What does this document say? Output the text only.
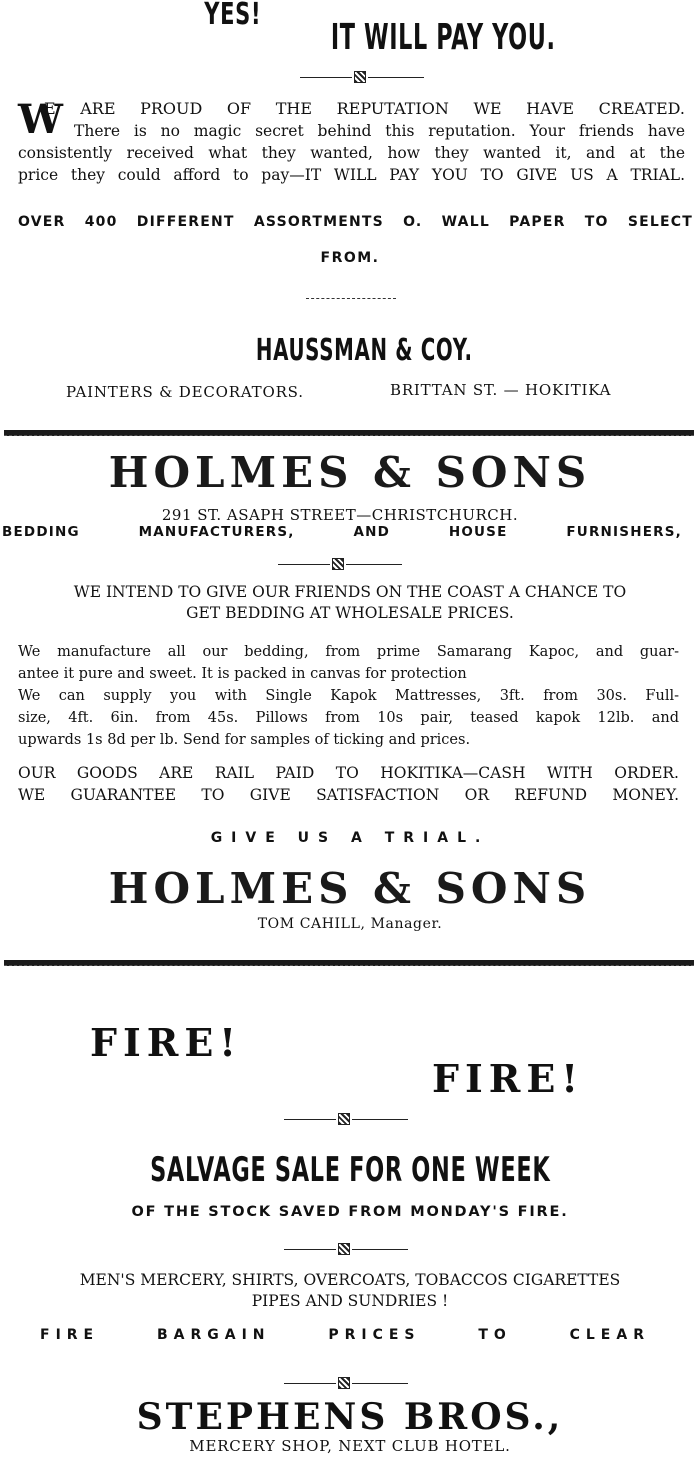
YES!
IT WILL PAY YOU.
W
E ARE PROUD OF THE REPUTATION WE HAVE CREATED.
There is no magic secret behind this reputation. Your friends have
consistently received what they wanted, how they wanted it, and at the
price they could afford to pay—IT WILL PAY YOU TO GIVE US A TRIAL.
OVER 400 DIFFERENT ASSORTMENTS O. WALL PAPER TO SELECT
FROM.
HAUSSMAN & COY.
PAINTERS & DECORATORS.	BRITTAN ST. — HOKITIKA
HOLMES & SONS
291 ST. ASAPH STREET—CHRISTCHURCH.
BEDDING	MANUFACTURERS,	AND	HOUSE	FURNISHERS,
WE INTEND TO GIVE OUR FRIENDS ON THE COAST A CHANCE TO
GET BEDDING AT WHOLESALE PRICES.
We manufacture all our bedding, from prime Samarang Kapoc, and guar-
antee it pure and sweet. It is packed in canvas for protection
We can supply you with Single Kapok Mattresses, 3ft. from 30s. Full-
size, 4ft. 6in. from 45s. Pillows from 10s pair, teased kapok 12lb. and
upwards 1s 8d per lb. Send for samples of ticking and prices.
OUR GOODS ARE RAIL PAID TO HOKITIKA—CASH WITH ORDER.
WE GUARANTEE TO GIVE SATISFACTION OR REFUND MONEY.
GIVE US A TRIAL.
HOLMES & SONS
TOM CAHILL, Manager.
FIRE!
FIRE!
SALVAGE SALE FOR ONE WEEK
OF THE STOCK SAVED FROM MONDAY'S FIRE.
MEN'S MERCERY, SHIRTS, OVERCOATS, TOBACCOS CIGARETTES
PIPES AND SUNDRIES !
FIRE	BARGAIN	PRICES	TO	CLEAR
STEPHENS BROS.,
MERCERY SHOP, NEXT CLUB HOTEL.
